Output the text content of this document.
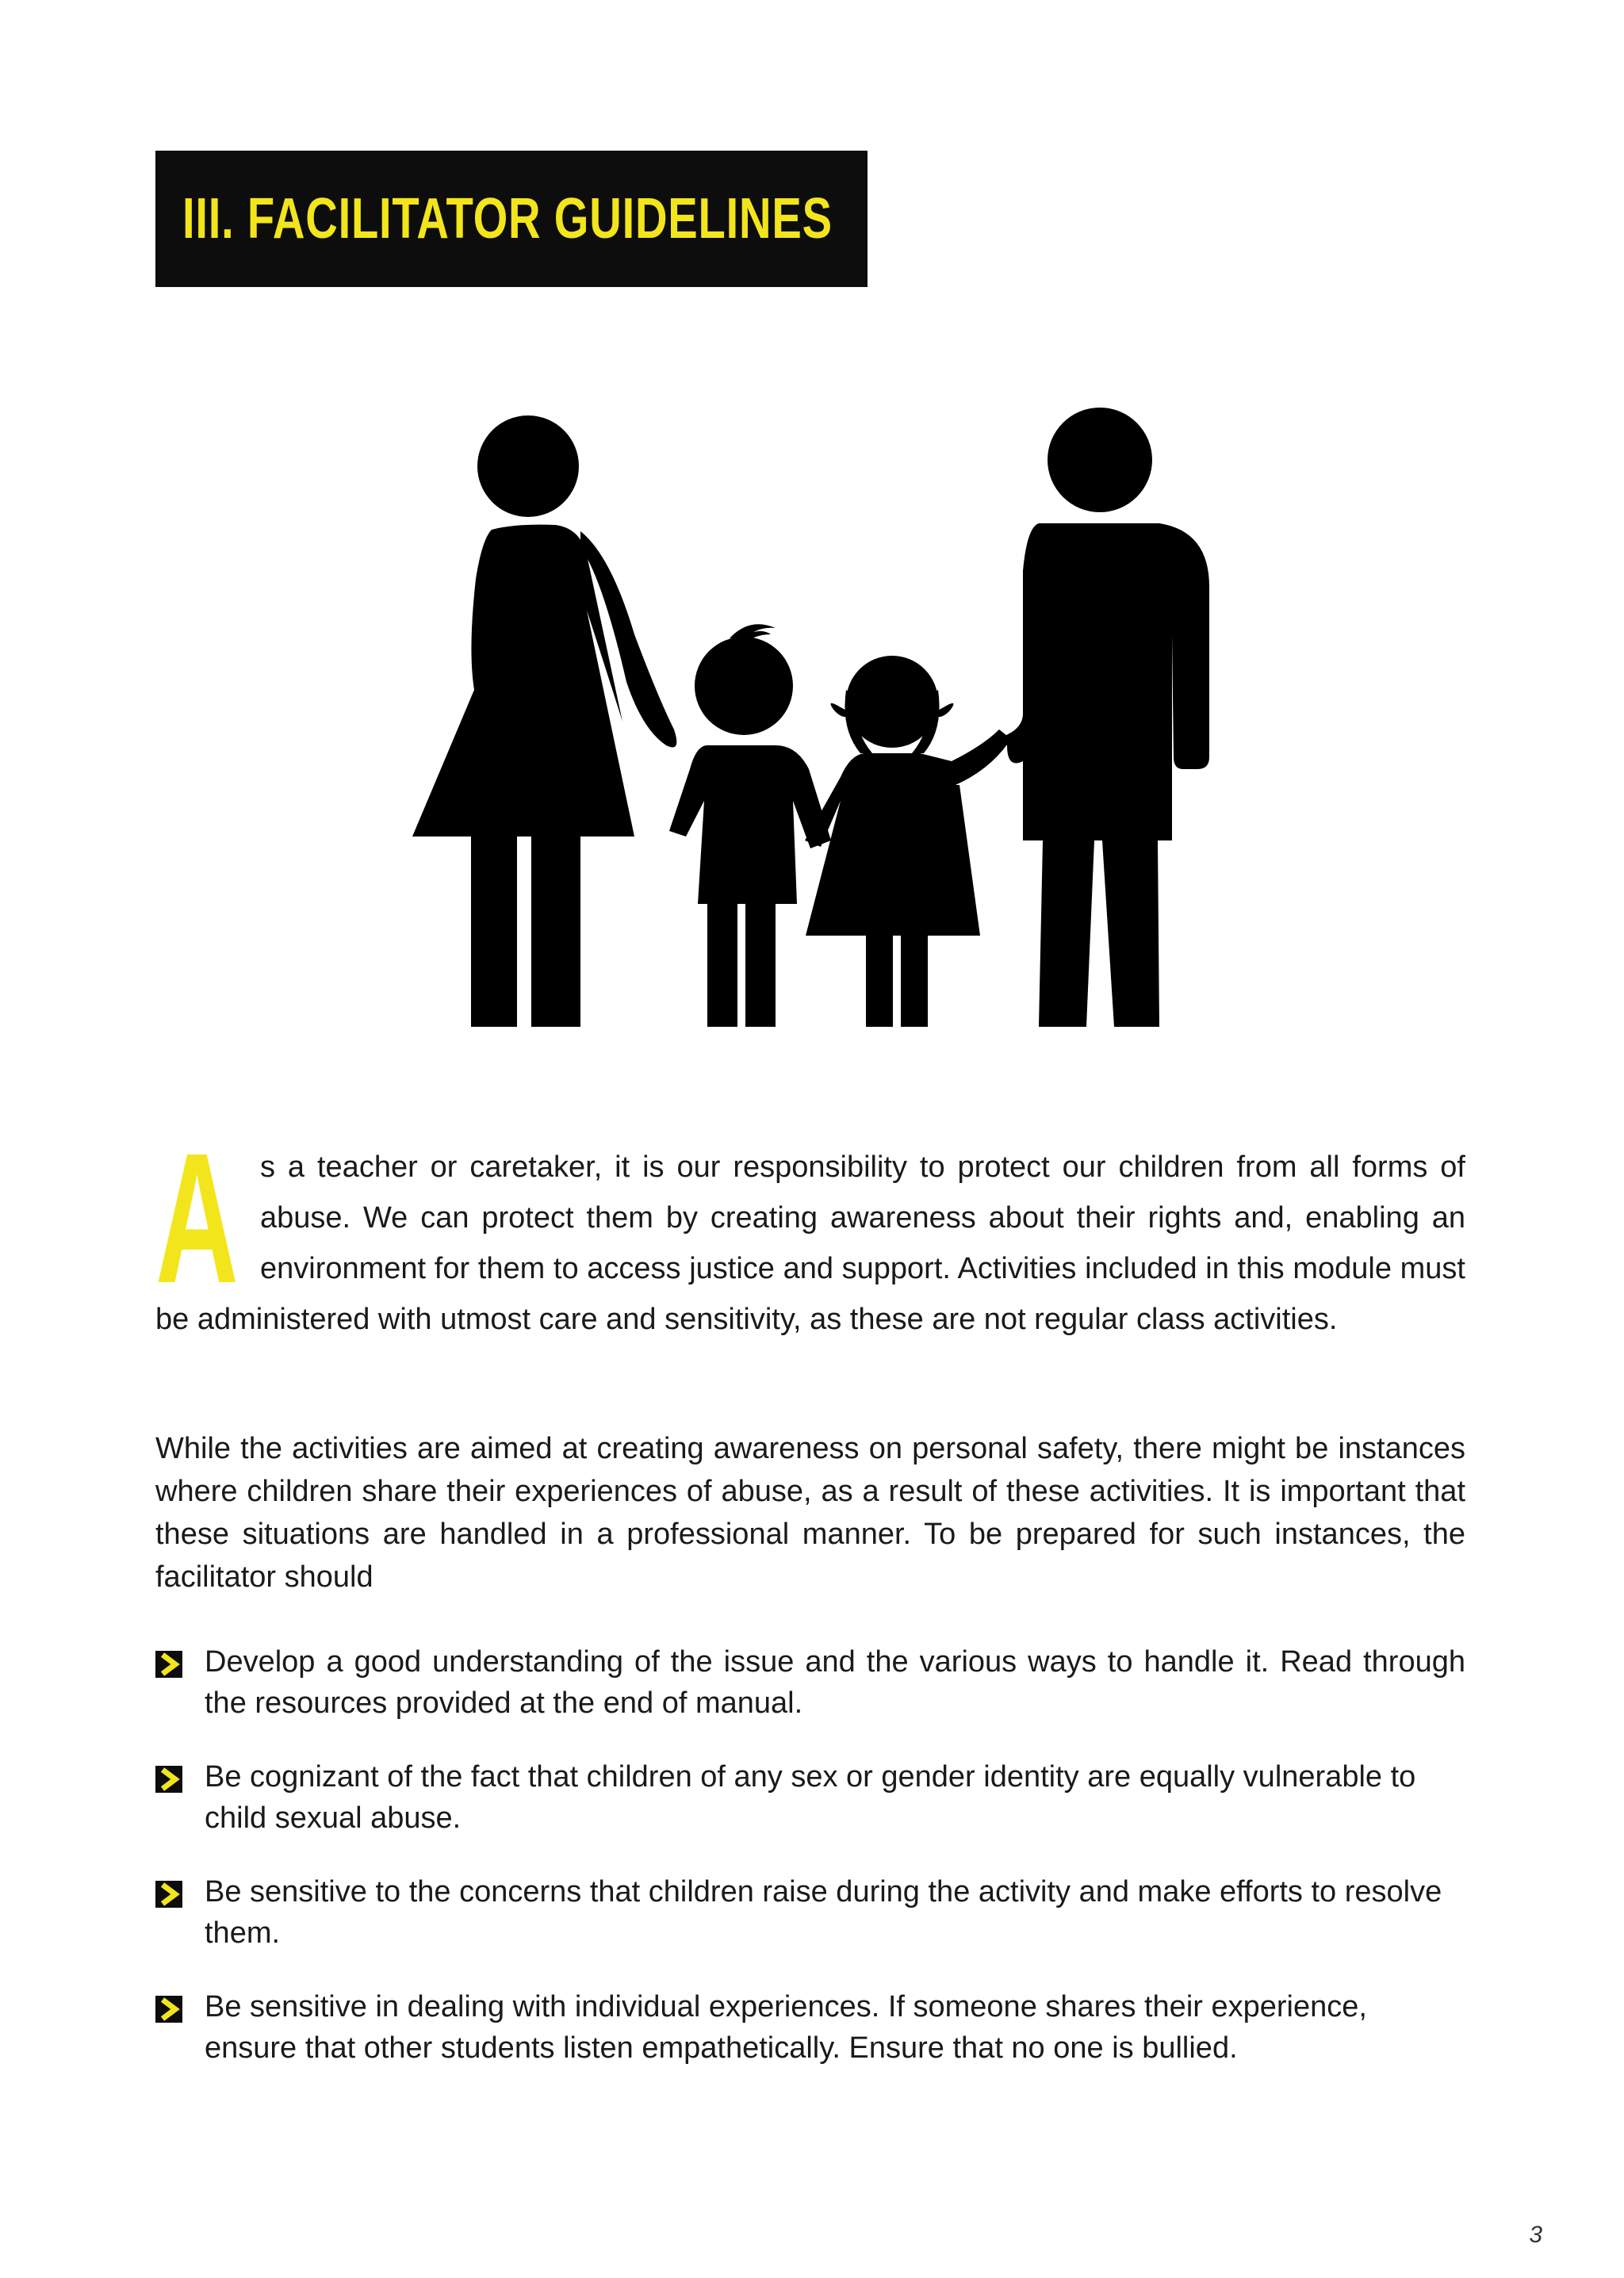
III. FACILITATOR GUIDELINES
A s a teacher or caretaker, it is our responsibility to protect our children from all forms of abuse. We can protect them by creating awareness about their rights and, enabling an environment for them to access justice and support. Activities included in this module must be administered with utmost care and sensitivity, as these are not regular class activities.
While the activities are aimed at creating awareness on personal safety, there might be instances where children share their experiences of abuse, as a result of these activities. It is important that these situations are handled in a professional manner. To be prepared for such instances, the facilitator should
Develop a good understanding of the issue and the various ways to handle it. Read through the resources provided at the end of manual.
Be cognizant of the fact that children of any sex or gender identity are equally vulnerable to child sexual abuse.
Be sensitive to the concerns that children raise during the activity and make efforts to resolve them.
Be sensitive in dealing with individual experiences. If someone shares their experience, ensure that other students listen empathetically. Ensure that no one is bullied.
3
